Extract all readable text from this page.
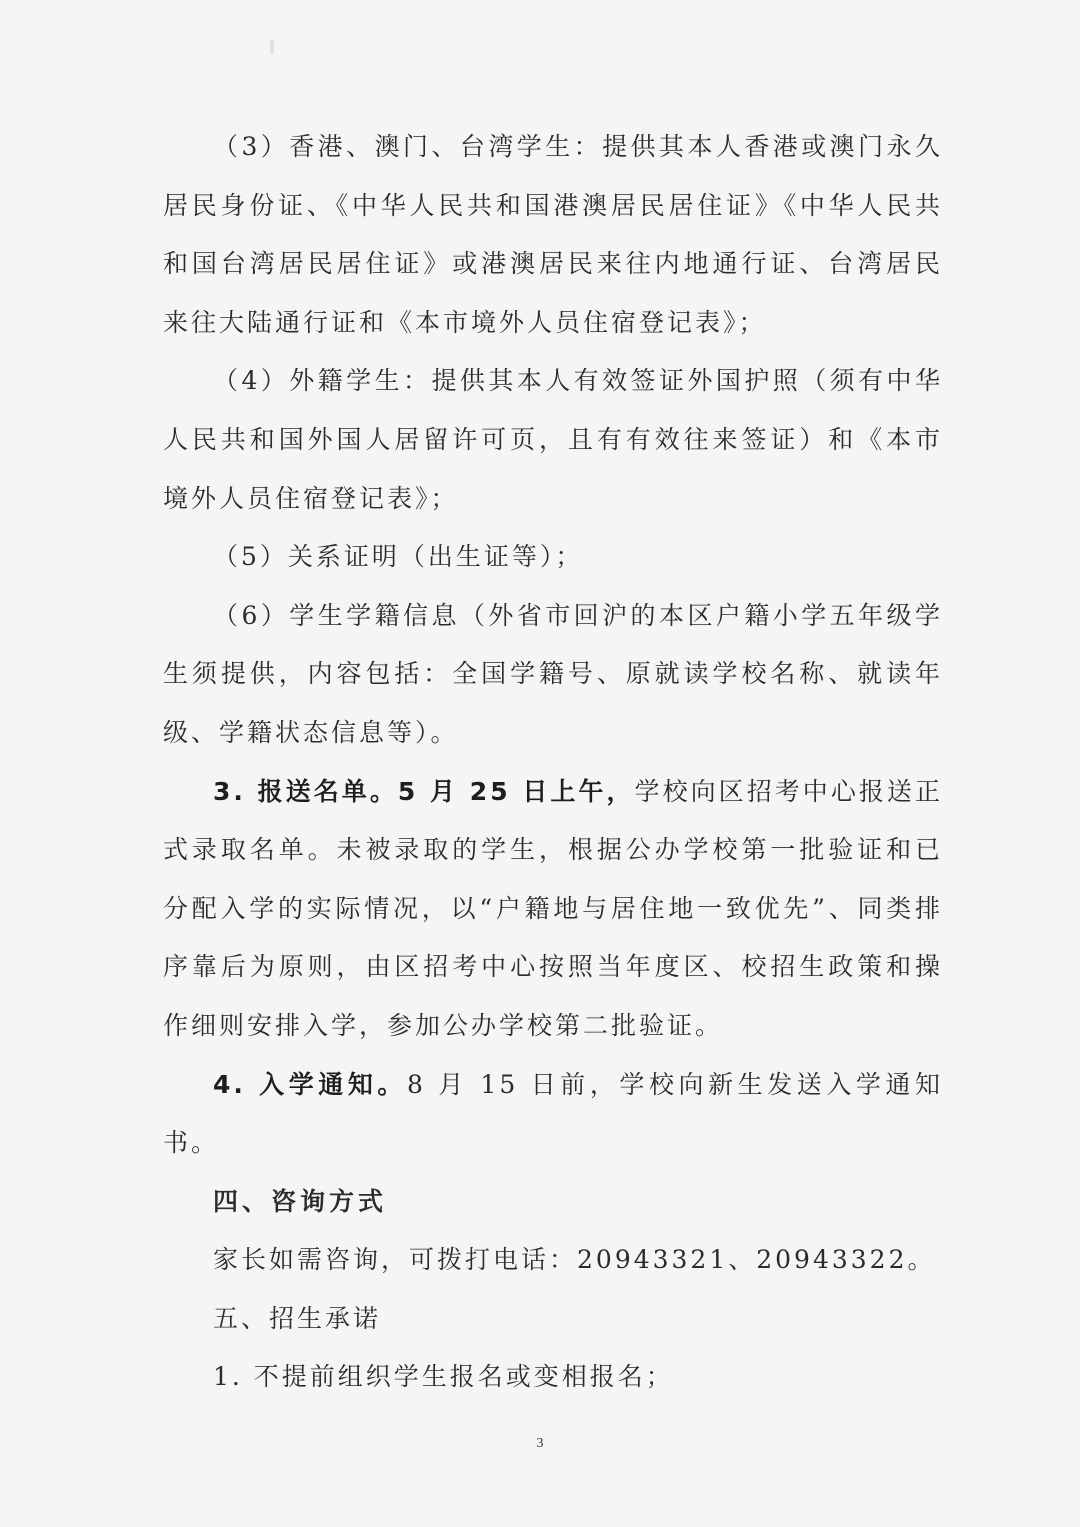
（3）香港、澳门、台湾学生：提供其本人香港或澳门永久居民身份证、《中华人民共和国港澳居民居住证》《中华人民共和国台湾居民居住证》或港澳居民来往内地通行证、台湾居民来往大陆通行证和《本市境外人员住宿登记表》；

（4）外籍学生：提供其本人有效签证外国护照（须有中华人民共和国外国人居留许可页，且有有效往来签证）和《本市境外人员住宿登记表》；

（5）关系证明（出生证等）；

（6）学生学籍信息（外省市回沪的本区户籍小学五年级学生须提供，内容包括：全国学籍号、原就读学校名称、就读年级、学籍状态信息等）。

3. 报送名单。5 月 25 日上午，学校向区招考中心报送正式录取名单。未被录取的学生，根据公办学校第一批验证和已分配入学的实际情况，以“户籍地与居住地一致优先”、同类排序靠后为原则，由区招考中心按照当年度区、校招生政策和操作细则安排入学，参加公办学校第二批验证。

4. 入学通知。8 月 15 日前，学校向新生发送入学通知书。

四、咨询方式

家长如需咨询，可拨打电话：20943321、20943322。

五、招生承诺

1. 不提前组织学生报名或变相报名；

3
